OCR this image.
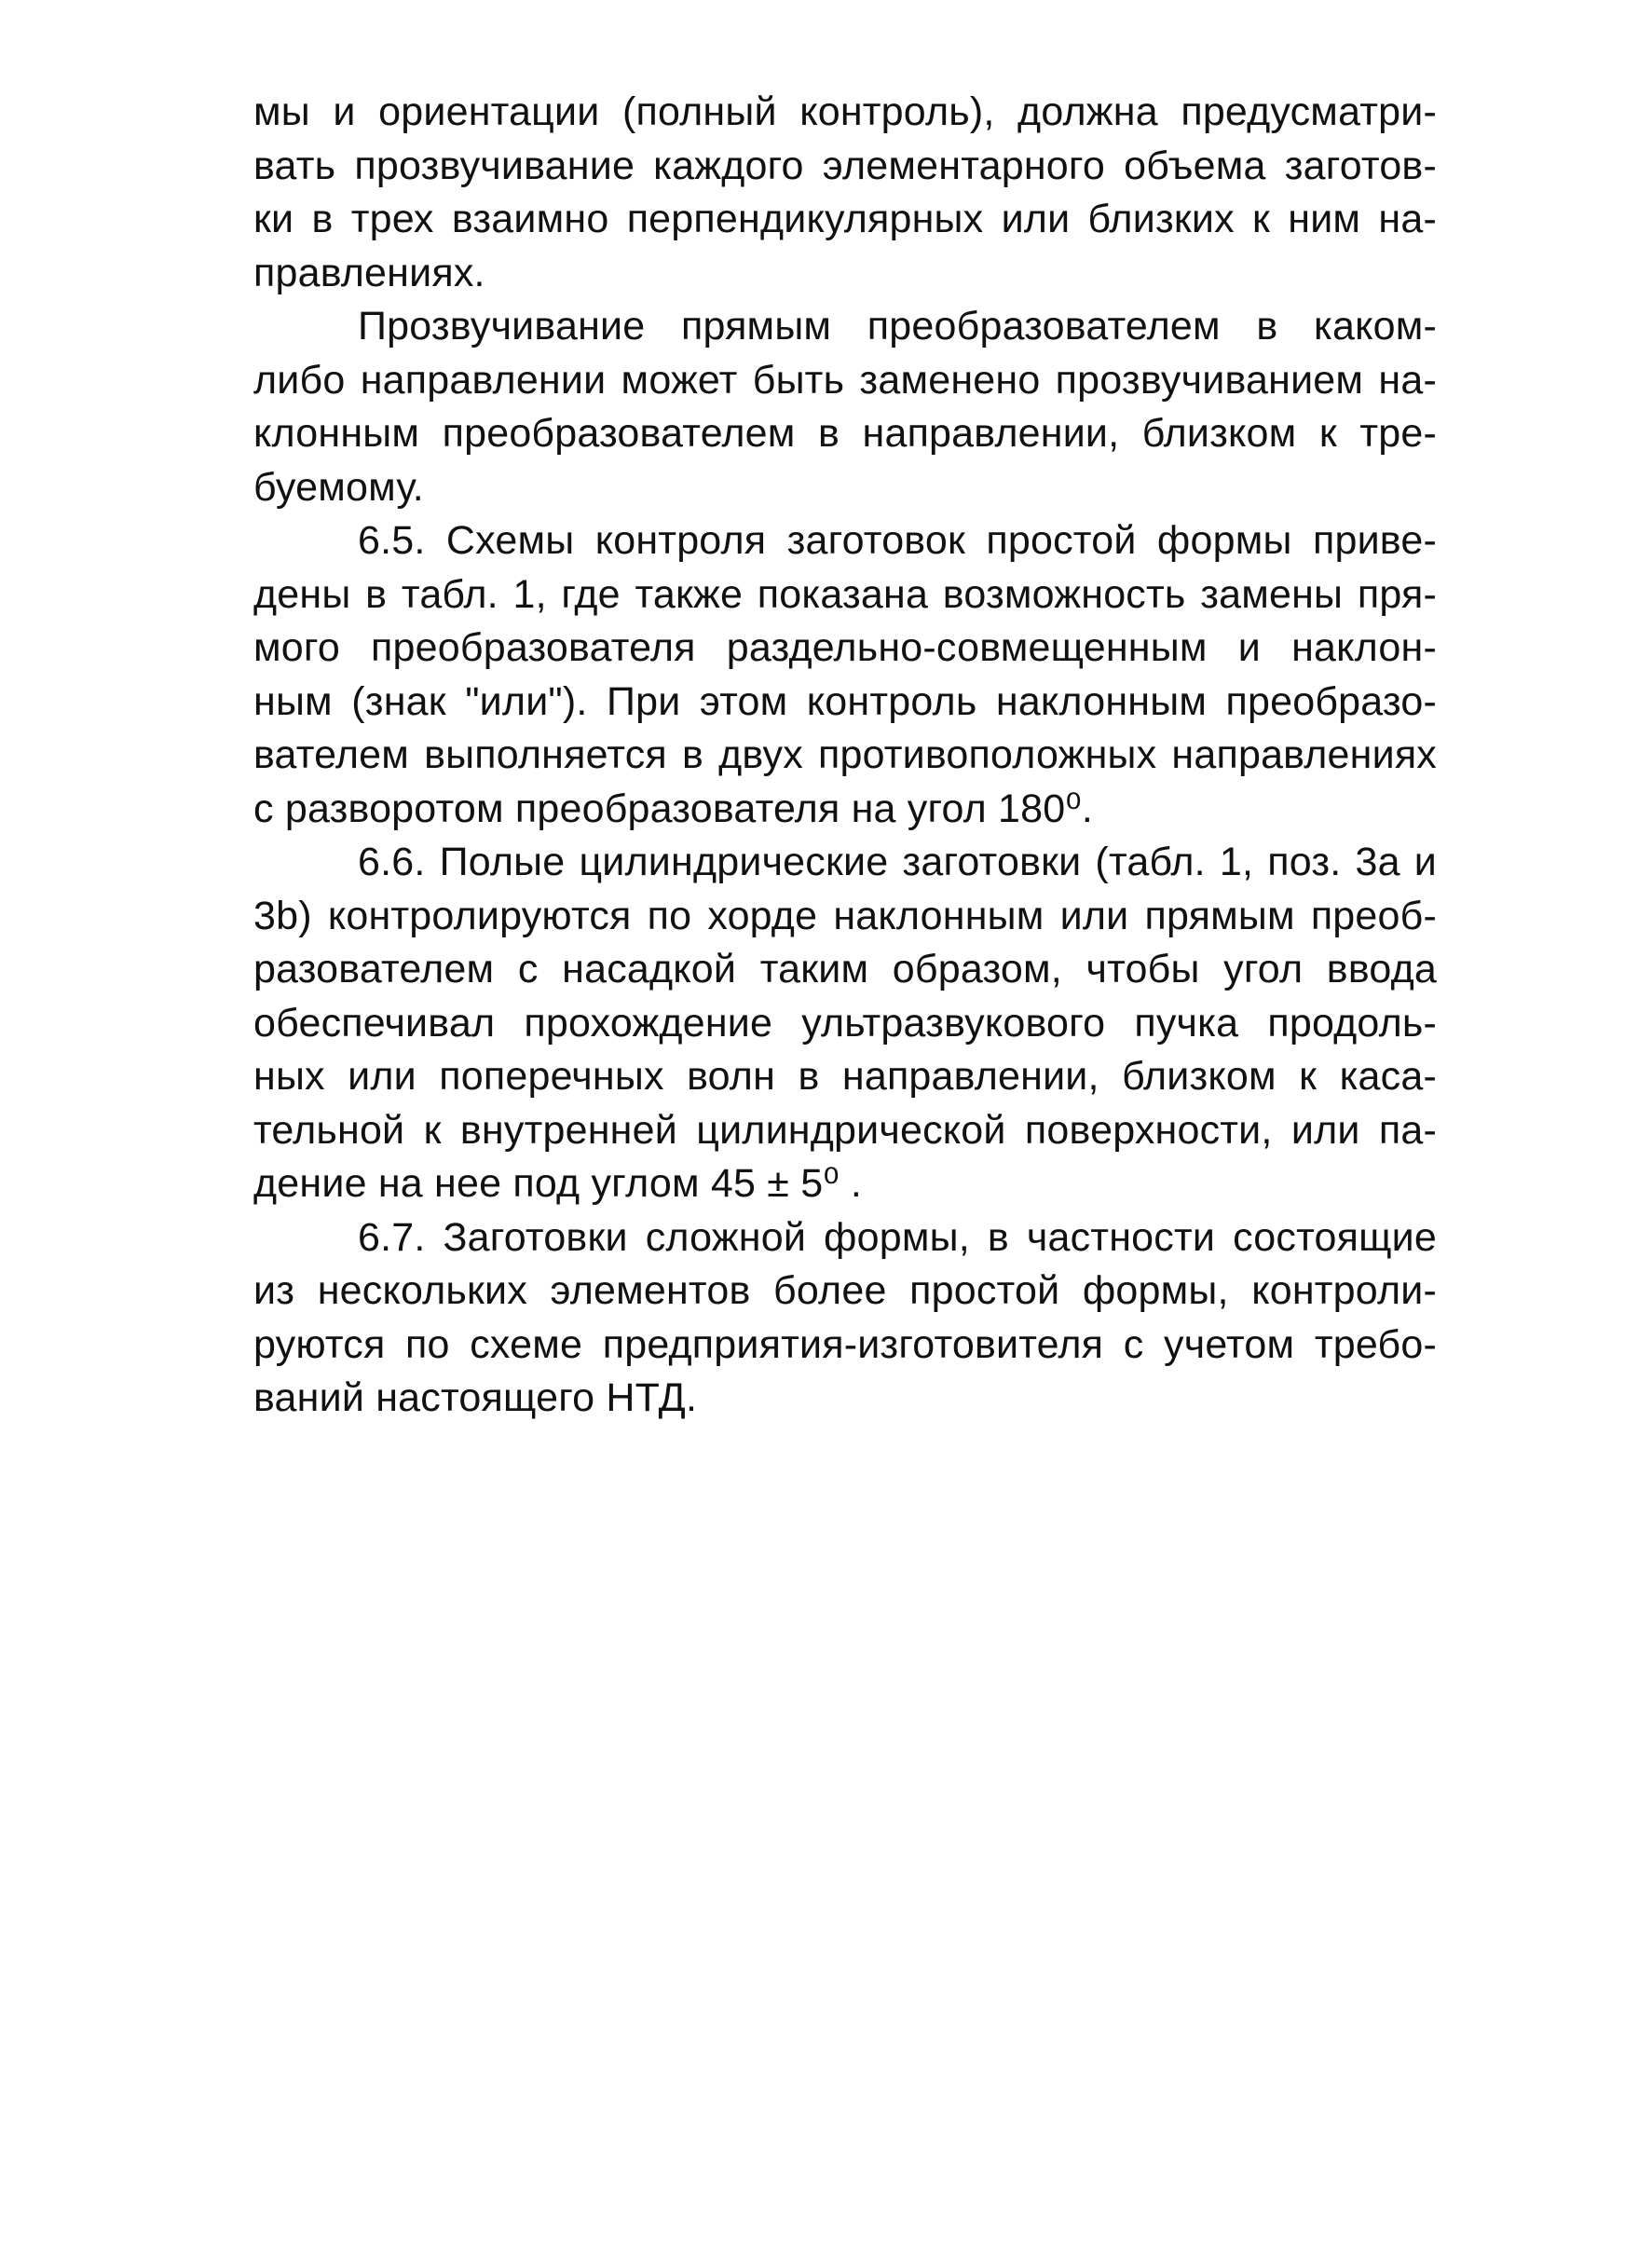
мы и ориентации (полный контроль), должна предусматри-
вать прозвучивание каждого элементарного объема заготов-
ки в трех взаимно перпендикулярных или близких к ним на-
правлениях.
Прозвучивание прямым преобразователем в каком-
либо направлении может быть заменено прозвучиванием на-
клонным преобразователем в направлении, близком к тре-
буемому.
6.5. Схемы контроля заготовок простой формы приве-
дены в табл. 1, где также показана возможность замены пря-
мого преобразователя раздельно-совмещенным и наклон-
ным (знак "или"). При этом контроль наклонным преобразо-
вателем выполняется в двух противоположных направлениях
с разворотом преобразователя на угол 180⁰.
6.6. Полые цилиндрические заготовки (табл. 1, поз. 3а и
3b) контролируются по хорде наклонным или прямым преоб-
разователем с насадкой таким образом, чтобы угол ввода
обеспечивал прохождение ультразвукового пучка продоль-
ных или поперечных волн в направлении, близком к каса-
тельной к внутренней цилиндрической поверхности, или па-
дение на нее под углом 45 ± 5⁰ .
6.7. Заготовки сложной формы, в частности состоящие
из нескольких элементов более простой формы, контроли-
руются по схеме предприятия-изготовителя с учетом требо-
ваний настоящего НТД.
